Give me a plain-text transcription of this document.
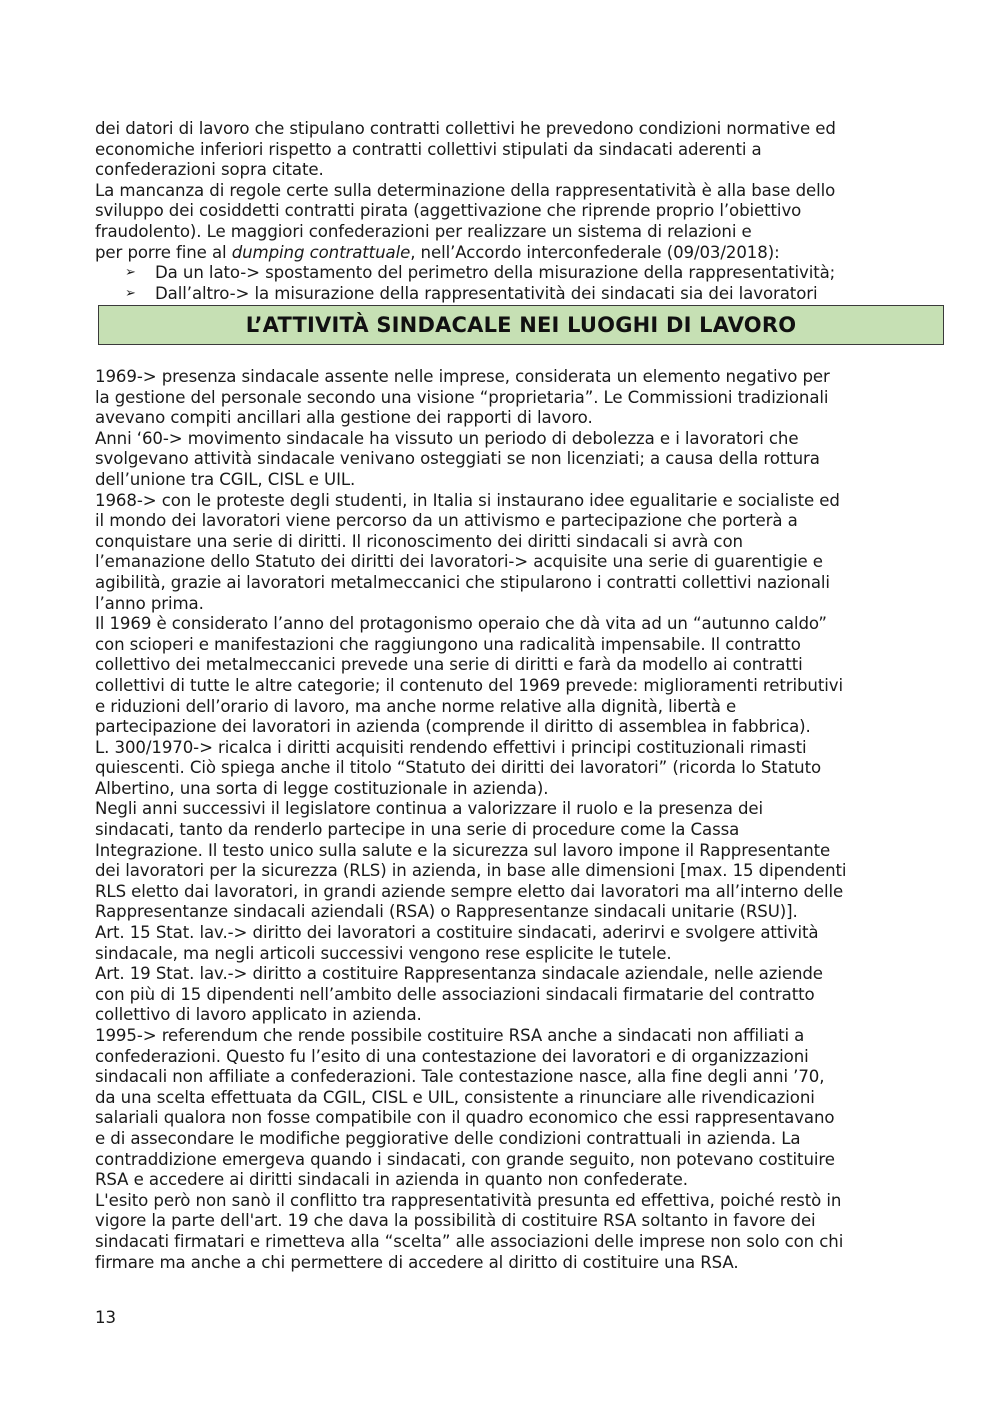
dei datori di lavoro che stipulano contratti collettivi he prevedono condizioni normative ed

economiche inferiori rispetto a contratti collettivi stipulati da sindacati aderenti a

confederazioni sopra citate.

La mancanza di regole certe sulla determinazione della rappresentatività è alla base dello

sviluppo dei cosiddetti contratti pirata (aggettivazione che riprende proprio l’obiettivo

fraudolento). Le maggiori confederazioni per realizzare un sistema di relazioni e

per porre fine al dumping contrattuale, nell’Accordo interconfederale (09/03/2018):

➢ Da un lato-> spostamento del perimetro della misurazione della rappresentatività;
➢ Dall’altro-> la misurazione della rappresentatività dei sindacati sia dei lavoratori
L’ATTIVITÀ SINDACALE NEI LUOGHI DI LAVORO

1969-> presenza sindacale assente nelle imprese, considerata un elemento negativo per

la gestione del personale secondo una visione “proprietaria”. Le Commissioni tradizionali

avevano compiti ancillari alla gestione dei rapporti di lavoro.

Anni ‘60-> movimento sindacale ha vissuto un periodo di debolezza e i lavoratori che

svolgevano attività sindacale venivano osteggiati se non licenziati; a causa della rottura

dell’unione tra CGIL, CISL e UIL.

1968-> con le proteste degli studenti, in Italia si instaurano idee egualitarie e socialiste ed

il mondo dei lavoratori viene percorso da un attivismo e partecipazione che porterà a

conquistare una serie di diritti. Il riconoscimento dei diritti sindacali si avrà con

l’emanazione dello Statuto dei diritti dei lavoratori-> acquisite una serie di guarentigie e

agibilità, grazie ai lavoratori metalmeccanici che stipularono i contratti collettivi nazionali

l’anno prima.

Il 1969 è considerato l’anno del protagonismo operaio che dà vita ad un “autunno caldo”

con scioperi e manifestazioni che raggiungono una radicalità impensabile. Il contratto

collettivo dei metalmeccanici prevede una serie di diritti e farà da modello ai contratti

collettivi di tutte le altre categorie; il contenuto del 1969 prevede: miglioramenti retributivi

e riduzioni dell’orario di lavoro, ma anche norme relative alla dignità, libertà e

partecipazione dei lavoratori in azienda (comprende il diritto di assemblea in fabbrica).

L. 300/1970-> ricalca i diritti acquisiti rendendo effettivi i principi costituzionali rimasti

quiescenti. Ciò spiega anche il titolo “Statuto dei diritti dei lavoratori” (ricorda lo Statuto

Albertino, una sorta di legge costituzionale in azienda).

Negli anni successivi il legislatore continua a valorizzare il ruolo e la presenza dei

sindacati, tanto da renderlo partecipe in una serie di procedure come la Cassa

Integrazione. Il testo unico sulla salute e la sicurezza sul lavoro impone il Rappresentante

dei lavoratori per la sicurezza (RLS) in azienda, in base alle dimensioni [max. 15 dipendenti

RLS eletto dai lavoratori, in grandi aziende sempre eletto dai lavoratori ma all’interno delle

Rappresentanze sindacali aziendali (RSA) o Rappresentanze sindacali unitarie (RSU)].

Art. 15 Stat. lav.-> diritto dei lavoratori a costituire sindacati, aderirvi e svolgere attività

sindacale, ma negli articoli successivi vengono rese esplicite le tutele.

Art. 19 Stat. lav.-> diritto a costituire Rappresentanza sindacale aziendale, nelle aziende

con più di 15 dipendenti nell’ambito delle associazioni sindacali firmatarie del contratto

collettivo di lavoro applicato in azienda.

1995-> referendum che rende possibile costituire RSA anche a sindacati non affiliati a

confederazioni. Questo fu l’esito di una contestazione dei lavoratori e di organizzazioni

sindacali non affiliate a confederazioni. Tale contestazione nasce, alla fine degli anni ’70,

da una scelta effettuata da CGIL, CISL e UIL, consistente a rinunciare alle rivendicazioni

salariali qualora non fosse compatibile con il quadro economico che essi rappresentavano

e di assecondare le modifiche peggiorative delle condizioni contrattuali in azienda. La

contraddizione emergeva quando i sindacati, con grande seguito, non potevano costituire

RSA e accedere ai diritti sindacali in azienda in quanto non confederate.

L'esito però non sanò il conflitto tra rappresentatività presunta ed effettiva, poiché restò in

vigore la parte dell'art. 19 che dava la possibilità di costituire RSA soltanto in favore dei

sindacati firmatari e rimetteva alla “scelta” alle associazioni delle imprese non solo con chi

firmare ma anche a chi permettere di accedere al diritto di costituire una RSA.

13
